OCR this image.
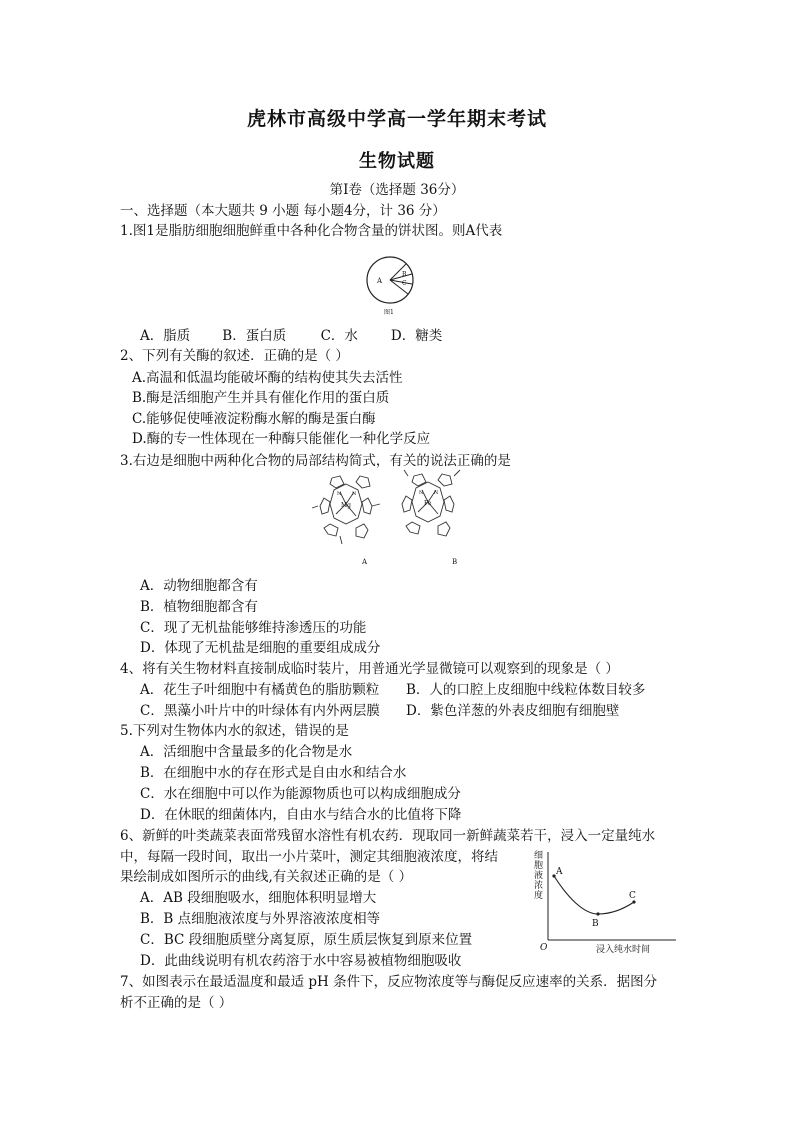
虎林市高级中学高一学年期末考试
生物试题
第Ⅰ卷（选择题 36分）
一、选择题（本大题共 9 小题 每小题4分，计 36 分）
1.图1是脂肪细胞细胞鲜重中各种化合物含量的饼状图。则A代表
A
B
C
图1
A．脂质 B．蛋白质	C．水 D．糖类
2、下列有关酶的叙述．正确的是（ ）
A.高温和低温均能破坏酶的结构使其失去活性
B.酶是活细胞产生并具有催化作用的蛋白质
C.能够促使唾液淀粉酶水解的酶是蛋白酶
D.酶的专一性体现在一种酶只能催化一种化学反应
3.右边是细胞中两种化合物的局部结构简式，有关的说法正确的是
Mg
N N
Fe
N N
A	B
A．动物细胞都含有
B．植物细胞都含有
C．现了无机盐能够维持渗透压的功能
D．体现了无机盐是细胞的重要组成成分
4、将有关生物材料直接制成临时装片，用普通光学显微镜可以观察到的现象是（ ）
A．花生子叶细胞中有橘黄色的脂肪颗粒 B．人的口腔上皮细胞中线粒体数目较多
C．黑藻小叶片中的叶绿体有内外两层膜 D．紫色洋葱的外表皮细胞有细胞壁
5.下列对生物体内水的叙述，错误的是
A．活细胞中含量最多的化合物是水
B．在细胞中水的存在形式是自由水和结合水
C．水在细胞中可以作为能源物质也可以构成细胞成分
D．在休眠的细菌体内，自由水与结合水的比值将下降
6、新鲜的叶类蔬菜表面常残留水溶性有机农药．现取同一新鲜蔬菜若干，浸入一定量纯水
中，每隔一段时间，取出一小片菜叶，测定其细胞液浓度，将结
果绘制成如图所示的曲线,有关叙述正确的是（ ）
A．AB 段细胞吸水，细胞体积明显增大
B．B 点细胞液浓度与外界溶液浓度相等
C．BC 段细胞质壁分离复原，原生质层恢复到原来位置
D．此曲线说明有机农药溶于水中容易被植物细胞吸收
A
B
C
O	浸入纯水时间
细胞液浓度
7、如图表示在最适温度和最适 pH 条件下，反应物浓度等与酶促反应速率的关系．据图分
析不正确的是（ ）
